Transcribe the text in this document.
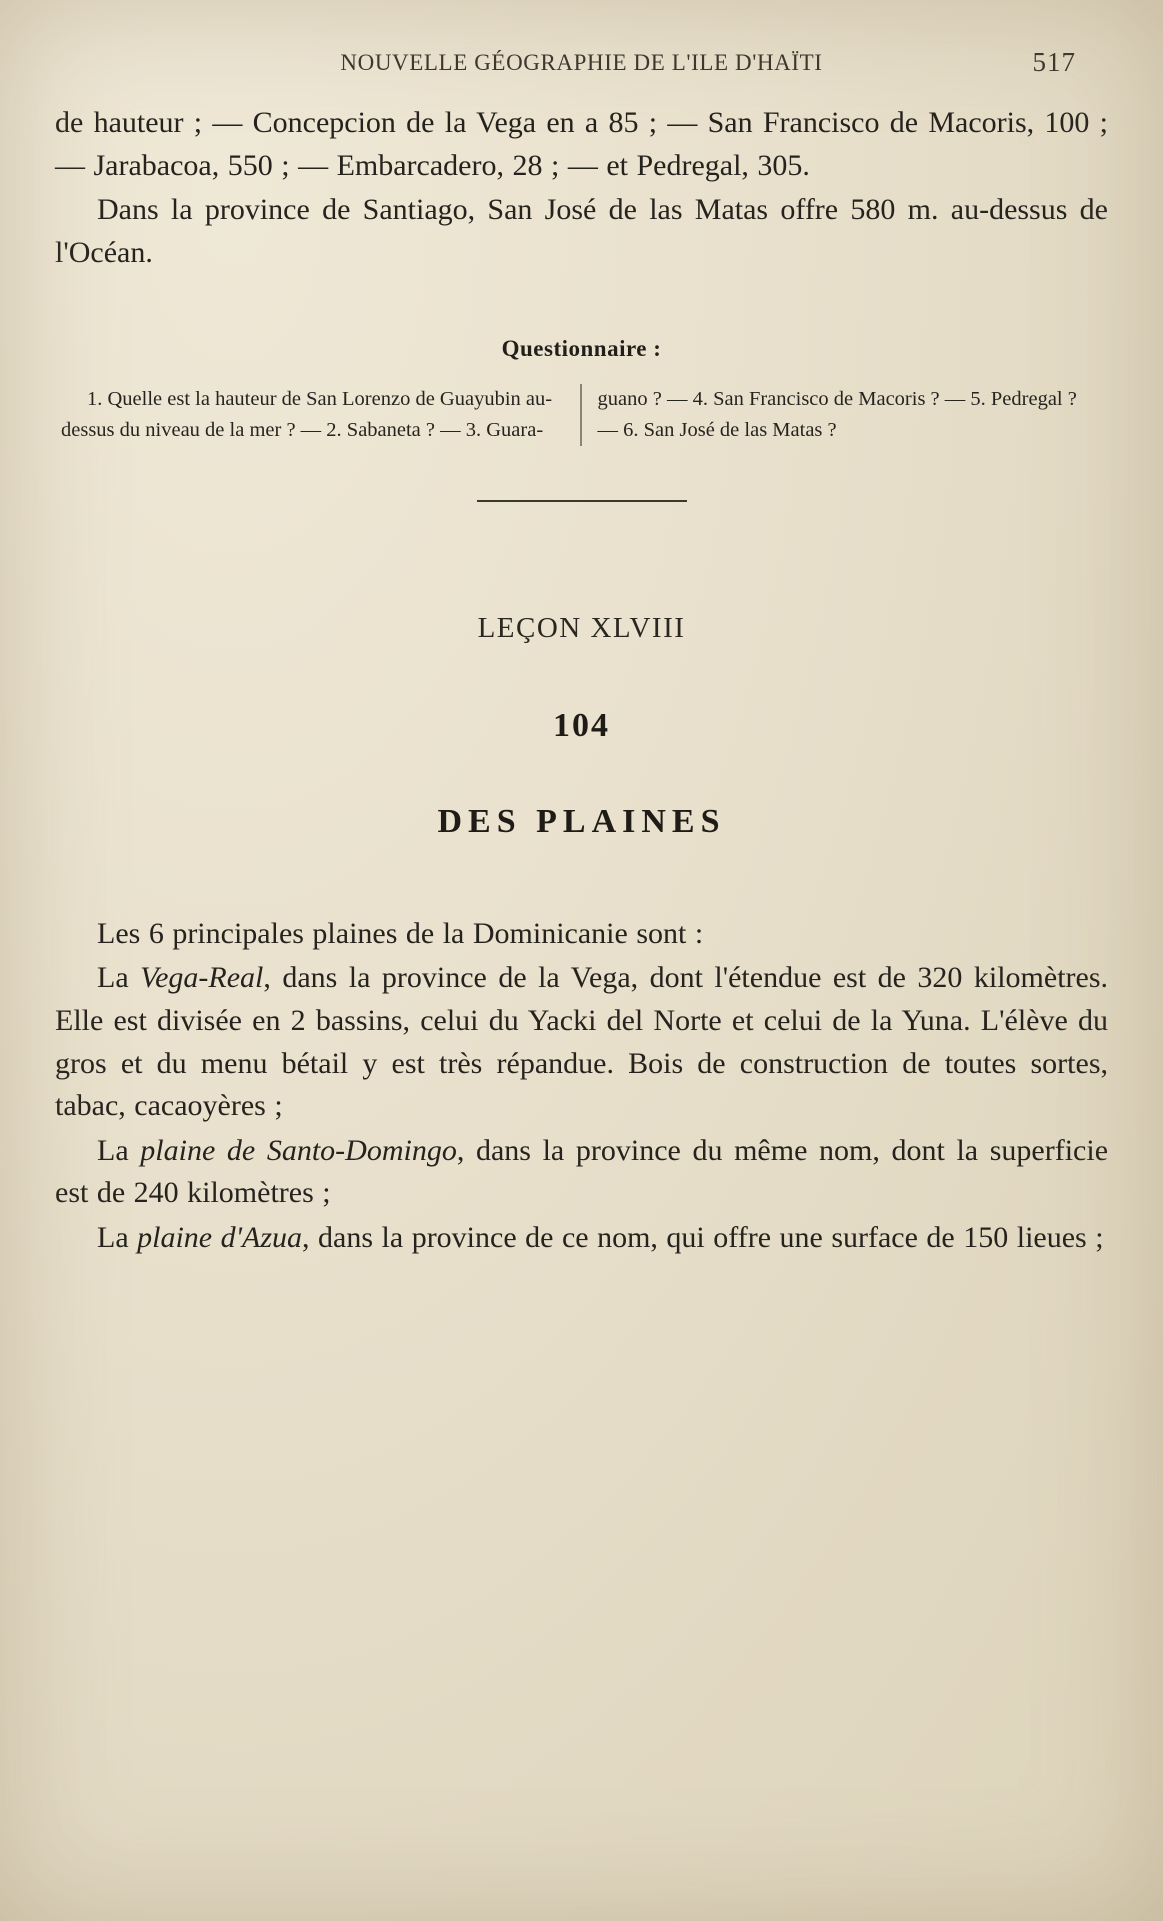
NOUVELLE GÉOGRAPHIE DE L'ILE D'HAÏTI	517

de hauteur ; — Concepcion de la Vega en a 85 ; — San Francisco de Macoris, 100 ; — Jarabacoa, 550 ; — Embarcadero, 28 ; — et Pedregal, 305.

Dans la province de Santiago, San José de las Matas offre 580 m. au-dessus de l'Océan.

Questionnaire :

1. Quelle est la hauteur de San Lorenzo de Guayubin au-dessus du niveau de la mer ? — 2. Sabaneta ? — 3. Guara-

guano ? — 4. San Francisco de Macoris ? — 5. Pedregal ? — 6. San José de las Matas ?

LEÇON XLVIII
104
DES PLAINES

Les 6 principales plaines de la Dominicanie sont :

La Vega-Real, dans la province de la Vega, dont l'étendue est de 320 kilomètres. Elle est divisée en 2 bassins, celui du Yacki del Norte et celui de la Yuna. L'élève du gros et du menu bétail y est très répandue. Bois de construction de toutes sortes, tabac, cacaoyères ;

La plaine de Santo-Domingo, dans la province du même nom, dont la superficie est de 240 kilomètres ;

La plaine d'Azua, dans la province de ce nom, qui offre une surface de 150 lieues ;
